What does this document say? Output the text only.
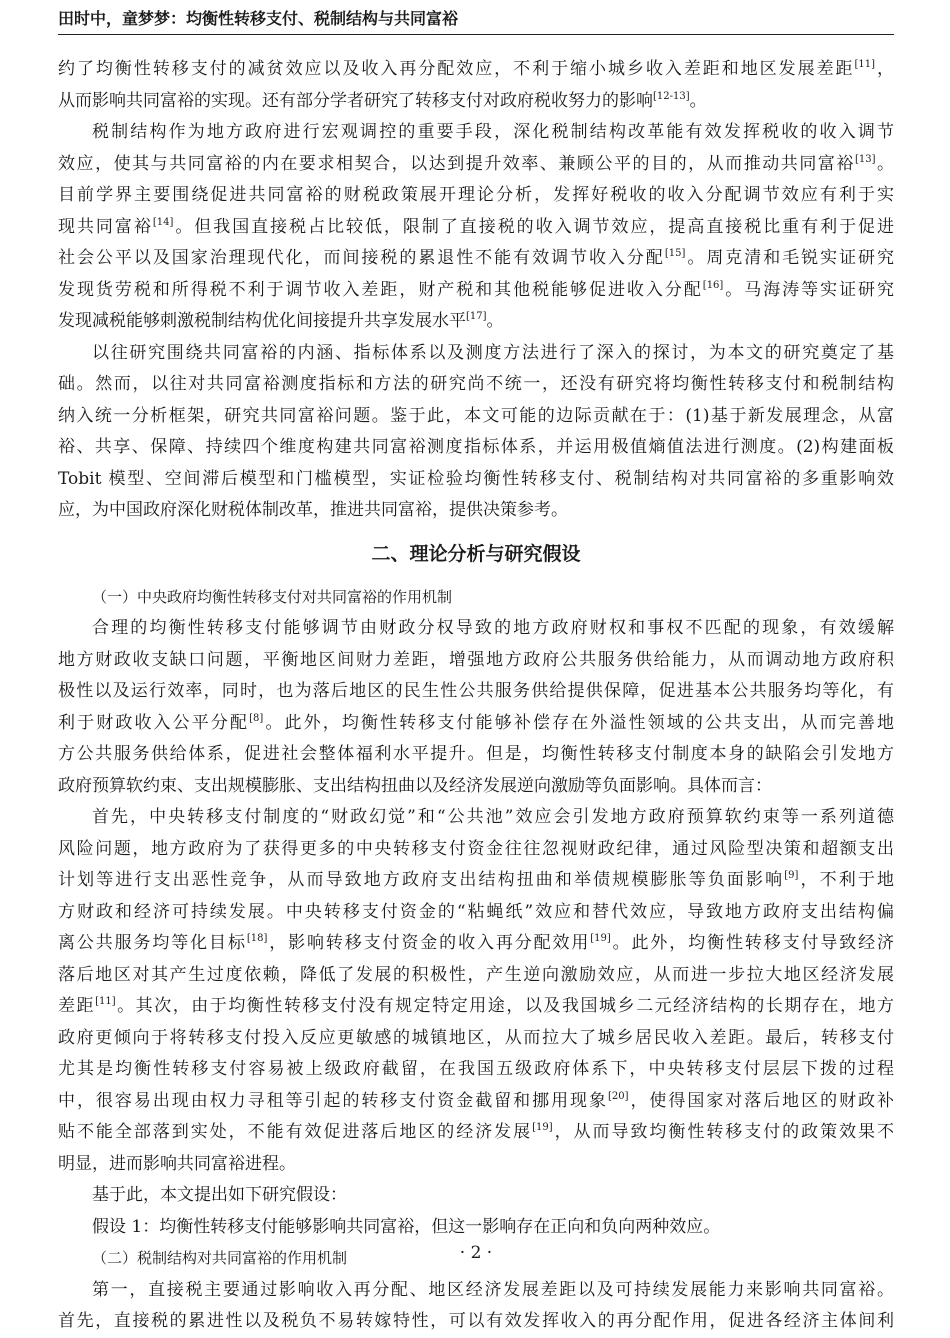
田时中，童梦梦：均衡性转移支付、税制结构与共同富裕
约了均衡性转移支付的减贫效应以及收入再分配效应，不利于缩小城乡收入差距和地区发展差距[11]，
从而影响共同富裕的实现。还有部分学者研究了转移支付对政府税收努力的影响[12-13]。
税制结构作为地方政府进行宏观调控的重要手段，深化税制结构改革能有效发挥税收的收入调节
效应，使其与共同富裕的内在要求相契合，以达到提升效率、兼顾公平的目的，从而推动共同富裕[13]。
目前学界主要围绕促进共同富裕的财税政策展开理论分析，发挥好税收的收入分配调节效应有利于实
现共同富裕[14]。但我国直接税占比较低，限制了直接税的收入调节效应，提高直接税比重有利于促进
社会公平以及国家治理现代化，而间接税的累退性不能有效调节收入分配[15]。周克清和毛锐实证研究
发现货劳税和所得税不利于调节收入差距，财产税和其他税能够促进收入分配[16]。马海涛等实证研究
发现减税能够刺激税制结构优化间接提升共享发展水平[17]。
以往研究围绕共同富裕的内涵、指标体系以及测度方法进行了深入的探讨，为本文的研究奠定了基
础。然而，以往对共同富裕测度指标和方法的研究尚不统一，还没有研究将均衡性转移支付和税制结构
纳入统一分析框架，研究共同富裕问题。鉴于此，本文可能的边际贡献在于：(1)基于新发展理念，从富
裕、共享、保障、持续四个维度构建共同富裕测度指标体系，并运用极值熵值法进行测度。(2)构建面板
Tobit 模型、空间滞后模型和门槛模型，实证检验均衡性转移支付、税制结构对共同富裕的多重影响效
应，为中国政府深化财税体制改革，推进共同富裕，提供决策参考。
二、理论分析与研究假设
（一）中央政府均衡性转移支付对共同富裕的作用机制
合理的均衡性转移支付能够调节由财政分权导致的地方政府财权和事权不匹配的现象，有效缓解
地方财政收支缺口问题，平衡地区间财力差距，增强地方政府公共服务供给能力，从而调动地方政府积
极性以及运行效率，同时，也为落后地区的民生性公共服务供给提供保障，促进基本公共服务均等化，有
利于财政收入公平分配[8]。此外，均衡性转移支付能够补偿存在外溢性领域的公共支出，从而完善地
方公共服务供给体系，促进社会整体福利水平提升。但是，均衡性转移支付制度本身的缺陷会引发地方
政府预算软约束、支出规模膨胀、支出结构扭曲以及经济发展逆向激励等负面影响。具体而言：
首先，中央转移支付制度的“财政幻觉”和“公共池”效应会引发地方政府预算软约束等一系列道德
风险问题，地方政府为了获得更多的中央转移支付资金往往忽视财政纪律，通过风险型决策和超额支出
计划等进行支出恶性竞争，从而导致地方政府支出结构扭曲和举债规模膨胀等负面影响[9]，不利于地
方财政和经济可持续发展。中央转移支付资金的“粘蝇纸”效应和替代效应，导致地方政府支出结构偏
离公共服务均等化目标[18]，影响转移支付资金的收入再分配效用[19]。此外，均衡性转移支付导致经济
落后地区对其产生过度依赖，降低了发展的积极性，产生逆向激励效应，从而进一步拉大地区经济发展
差距[11]。其次，由于均衡性转移支付没有规定特定用途，以及我国城乡二元经济结构的长期存在，地方
政府更倾向于将转移支付投入反应更敏感的城镇地区，从而拉大了城乡居民收入差距。最后，转移支付
尤其是均衡性转移支付容易被上级政府截留，在我国五级政府体系下，中央转移支付层层下拨的过程
中，很容易出现由权力寻租等引起的转移支付资金截留和挪用现象[20]，使得国家对落后地区的财政补
贴不能全部落到实处，不能有效促进落后地区的经济发展[19]，从而导致均衡性转移支付的政策效果不
明显，进而影响共同富裕进程。
基于此，本文提出如下研究假设：
假设 1：均衡性转移支付能够影响共同富裕，但这一影响存在正向和负向两种效应。
（二）税制结构对共同富裕的作用机制
第一，直接税主要通过影响收入再分配、地区经济发展差距以及可持续发展能力来影响共同富裕。
首先，直接税的累进性以及税负不易转嫁特性，可以有效发挥收入的再分配作用，促进各经济主体间利
· 2 ·
